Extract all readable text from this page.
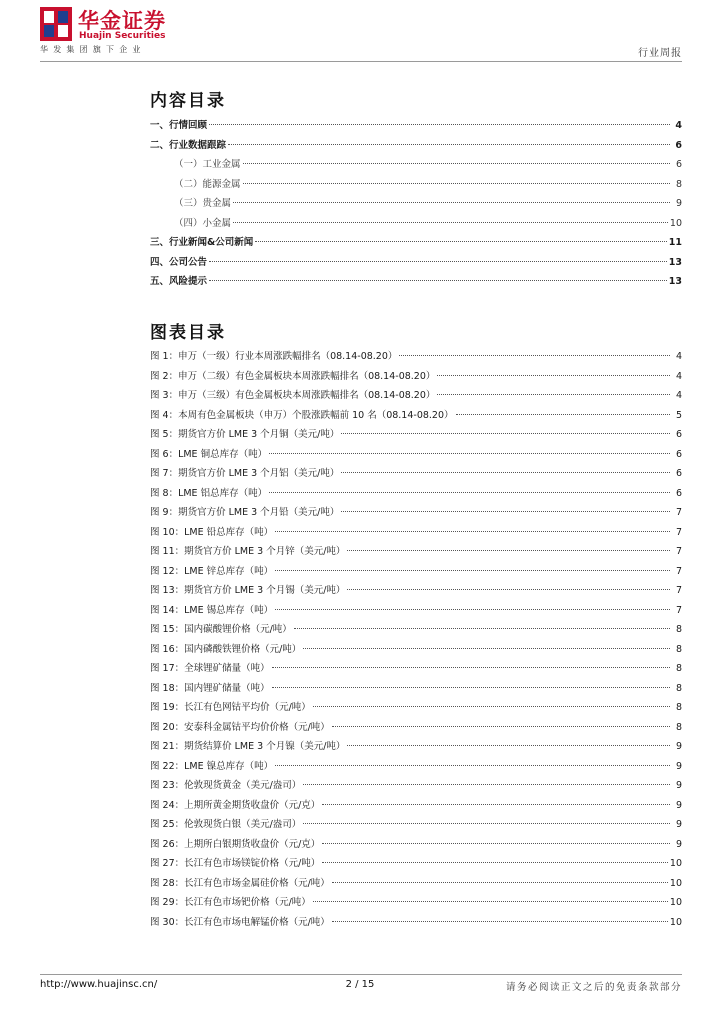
华金证券
Huajin Securities
华发集团旗下企业	行业周报
内容目录
一、行情回顾	4
二、行业数据跟踪	6
（一）工业金属	6
（二）能源金属	8
（三）贵金属	9
（四）小金属	10
三、行业新闻&公司新闻	11
四、公司公告	13
五、风险提示	13
图表目录
图 1：申万（一级）行业本周涨跌幅排名（08.14-08.20）	4
图 2：申万（二级）有色金属板块本周涨跌幅排名（08.14-08.20）	4
图 3：申万（三级）有色金属板块本周涨跌幅排名（08.14-08.20）	4
图 4：本周有色金属板块（申万）个股涨跌幅前 10 名（08.14-08.20）	5
图 5：期货官方价 LME 3 个月铜（美元/吨）	6
图 6：LME 铜总库存（吨）	6
图 7：期货官方价 LME 3 个月铝（美元/吨）	6
图 8：LME 铝总库存（吨）	6
图 9：期货官方价 LME 3 个月铅（美元/吨）	7
图 10：LME 铅总库存（吨）	7
图 11：期货官方价 LME 3 个月锌（美元/吨）	7
图 12：LME 锌总库存（吨）	7
图 13：期货官方价 LME 3 个月锡（美元/吨）	7
图 14：LME 锡总库存（吨）	7
图 15：国内碳酸锂价格（元/吨）	8
图 16：国内磷酸铁锂价格（元/吨）	8
图 17：全球锂矿储量（吨）	8
图 18：国内锂矿储量（吨）	8
图 19：长江有色网钴平均价（元/吨）	8
图 20：安泰科金属钴平均价价格（元/吨）	8
图 21：期货结算价 LME 3 个月镍（美元/吨）	9
图 22：LME 镍总库存（吨）	9
图 23：伦敦现货黄金（美元/盎司）	9
图 24：上期所黄金期货收盘价（元/克）	9
图 25：伦敦现货白银（美元/盎司）	9
图 26：上期所白银期货收盘价（元/克）	9
图 27：长江有色市场镁锭价格（元/吨）	10
图 28：长江有色市场金属硅价格（元/吨）	10
图 29：长江有色市场钯价格（元/吨）	10
图 30：长江有色市场电解锰价格（元/吨）	10
http://www.huajinsc.cn/	2 / 15	请务必阅读正文之后的免责条款部分
